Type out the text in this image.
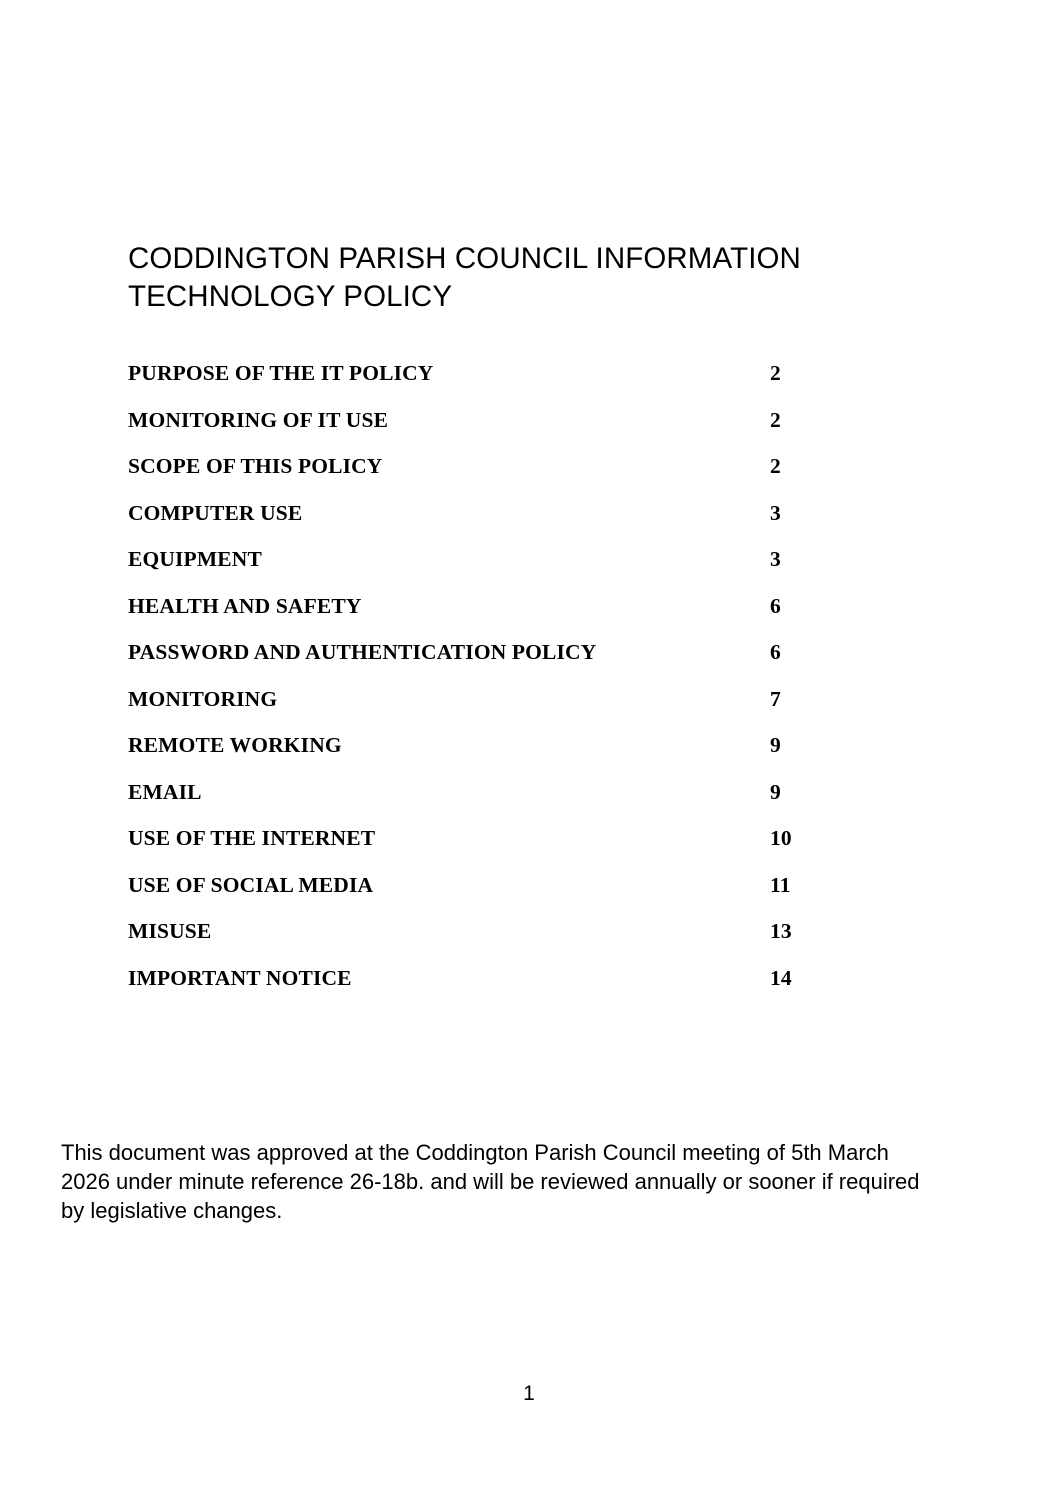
CODDINGTON PARISH COUNCIL INFORMATION TECHNOLOGY POLICY
PURPOSE OF THE IT POLICY	2
MONITORING OF IT USE	2
SCOPE OF THIS POLICY	2
COMPUTER USE	3
EQUIPMENT	3
HEALTH AND SAFETY	6
PASSWORD AND AUTHENTICATION POLICY	6
MONITORING	7
REMOTE WORKING	9
EMAIL	9
USE OF THE INTERNET	10
USE OF SOCIAL MEDIA	11
MISUSE	13
IMPORTANT NOTICE	14

This document was approved at the Coddington Parish Council meeting of 5th March 2026 under minute reference 26-18b. and will be reviewed annually or sooner if required by legislative changes.

1
